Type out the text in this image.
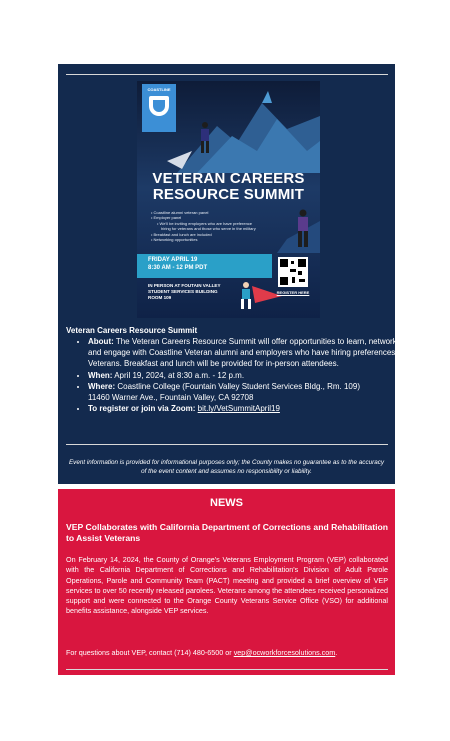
COASTLINE
VETERAN CAREERS
RESOURCE SUMMIT
• Coastline alumni veteran panel
• Employer panel
• We'll be inviting employers who are have preference
hiring for veterans and those who serve in the military
• Breakfast and lunch are included
• Networking opportunities
FRIDAY APRIL 19
8:30 AM - 12 PM PDT
IN PERSON AT FOUTAIN VALLEY
STUDENT SERVICES BUILDING
ROOM 109
REGISTER HERE
Veteran Careers Resource Summit
• About: The Veteran Careers Resource Summit will offer opportunities to learn, network, and engage with Coastline Veteran alumni and employers who have hiring preferences for Veterans. Breakfast and lunch will be provided for in-person attendees.
• When: April 19, 2024, at 8:30 a.m. - 12 p.m.
• Where: Coastline College (Fountain Valley Student Services Bldg., Rm. 109)
11460 Warner Ave., Fountain Valley, CA 92708
• To register or join via Zoom: bit.ly/VetSummitApril19
Event information is provided for informational purposes only; the County makes no guarantee as to the accuracy of the event content and assumes no responsibility or liability.
NEWS
VEP Collaborates with California Department of Corrections and Rehabilitation to Assist Veterans
On February 14, 2024, the County of Orange's Veterans Employment Program (VEP) collaborated with the California Department of Corrections and Rehabilitation's Division of Adult Parole Operations, Parole and Community Team (PACT) meeting and provided a brief overview of VEP services to over 50 recently released parolees. Veterans among the attendees received personalized support and were connected to the Orange County Veterans Service Office (VSO) for additional benefits assistance, alongside VEP services.
For questions about VEP, contact (714) 480-6500 or vep@ocworkforcesolutions.com.
